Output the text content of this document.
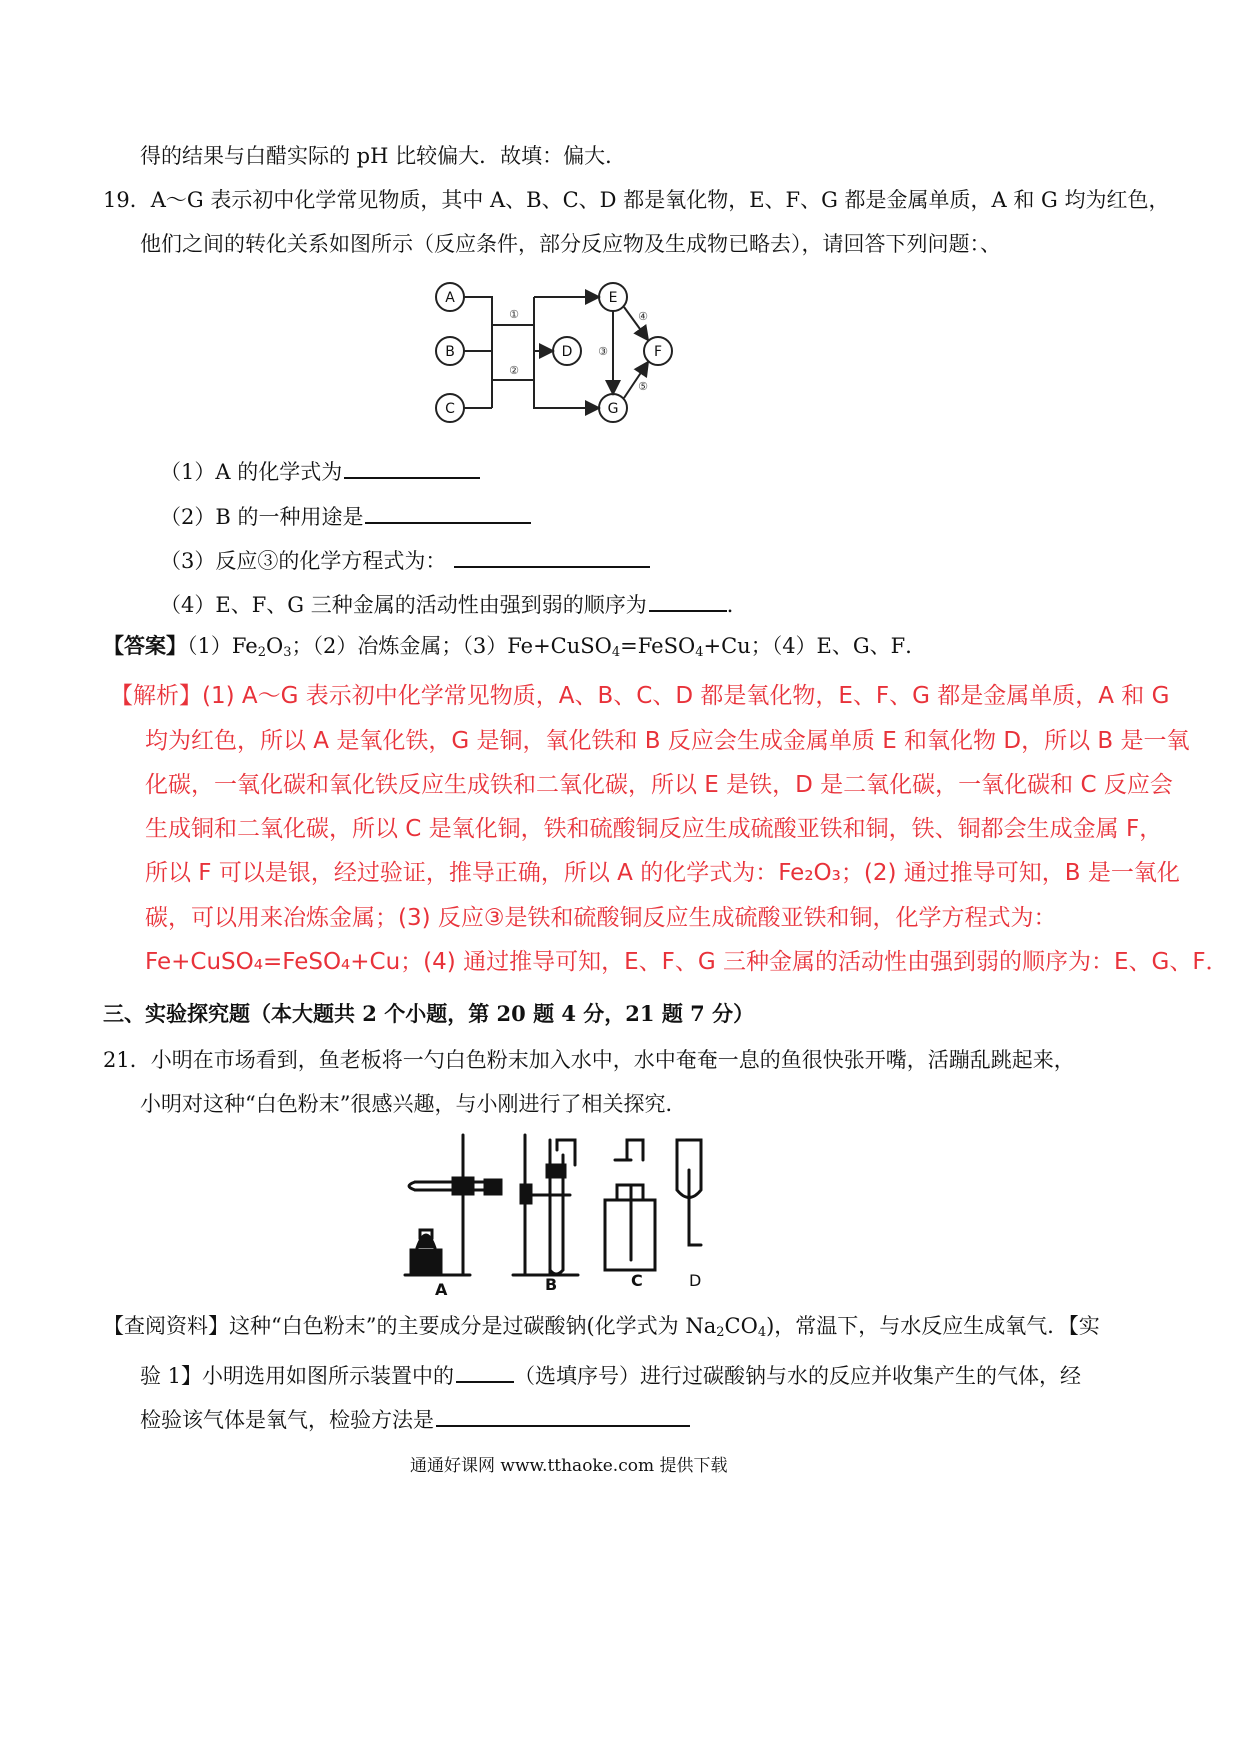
得的结果与白醋实际的 pH 比较偏大．故填：偏大．
19．A～G 表示初中化学常见物质，其中 A、B、C、D 都是氧化物，E、F、G 都是金属单质，A 和 G 均为红色，
他们之间的转化关系如图所示（反应条件，部分反应物及生成物已略去），请回答下列问题：、
A
B
C
D
E
F
G
①
②
③
④
⑤
（1）A 的化学式为
（2）B 的一种用途是
（3）反应③的化学方程式为：
（4）E、F、G 三种金属的活动性由强到弱的顺序为	．
【答案】$(1)Fe_2O_3$；（2）冶炼金属；（3）Fe+CuSO$_4$=FeSO$_4$+Cu；（4）E、G、F．
【解析】(1) A～G 表示初中化学常见物质，A、B、C、D 都是氧化物，E、F、G 都是金属单质，A 和 G
均为红色，所以 A 是氧化铁，G 是铜，氧化铁和 B 反应会生成金属单质 E 和氧化物 D，所以 B 是一氧
化碳，一氧化碳和氧化铁反应生成铁和二氧化碳，所以 E 是铁，D 是二氧化碳，一氧化碳和 C 反应会
生成铜和二氧化碳，所以 C 是氧化铜，铁和硫酸铜反应生成硫酸亚铁和铜，铁、铜都会生成金属 F，
所以 F 可以是银，经过验证，推导正确，所以 A 的化学式为：Fe₂O₃；(2) 通过推导可知，B 是一氧化
碳，可以用来冶炼金属；(3) 反应③是铁和硫酸铜反应生成硫酸亚铁和铜，化学方程式为：
Fe+CuSO₄=FeSO₄+Cu；(4) 通过推导可知，E、F、G 三种金属的活动性由强到弱的顺序为：E、G、F．
三、实验探究题（本大题共 2 个小题，第 20 题 4 分，21 题 7 分）
21．小明在市场看到，鱼老板将一勺白色粉末加入水中，水中奄奄一息的鱼很快张开嘴，活蹦乱跳起来，
小明对这种“白色粉末”很感兴趣，与小刚进行了相关探究．
A	B	C	D
【查阅资料】这种“白色粉末”的主要成分是过碳酸钠(化学式为 $Na_2CO_4$)，常温下，与水反应生成氧气．【实
验 1】小明选用如图所示装置中的	（选填序号）进行过碳酸钠与水的反应并收集产生的气体，经
检验该气体是氧气，检验方法是
通通好课网 www.tthaoke.com 提供下载
